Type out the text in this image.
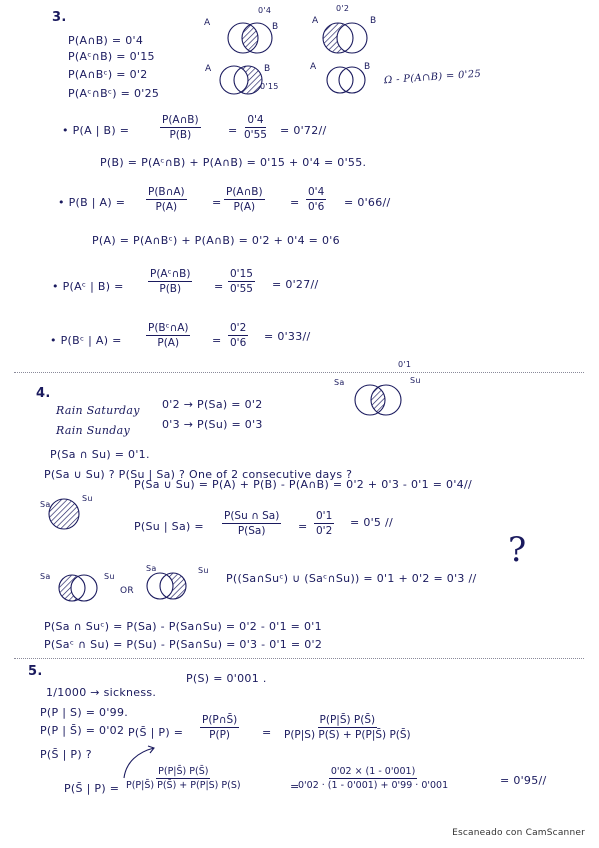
3.
P(A∩B) = 0'4
P(Aᶜ∩B) = 0'15
P(A∩Bᶜ) = 0'2
P(Aᶜ∩Bᶜ) = 0'25
A	B
0'4
A	B
0'2
A	B
0'15
A	B
Ω - P(A∩B) = 0'25
• P(A | B) =	$\frac{P(A\cap B)}{P(B)} = \frac{0'4}{0'55} = 0'72//$
P(B) = P(Aᶜ∩B) + P(A∩B) = 0'15 + 0'4 = 0'55.
• P(B | $A) = \frac{P(B\cap A)}{P(A)} = \frac{P(A\cap B)}{P(A)} = \frac{0'4}{0'6} = 0'66//$
P(A) = P(A∩Bᶜ) + P(A∩B) = 0'2 + 0'4 = 0'6
• P(Aᶜ | $B) = \frac{\text{P(Aᶜ∩B)}}{P(B)} = \frac{0'15}{0'55} = 0'27//$
• P(Bᶜ | $A) = \frac{\text{P(Bᶜ∩A)}}{P(A)} = \frac{0'2}{0'6} = 0'33//$
4.
Rain Saturday 0'2 → P(Sa) = 0'2
Rain Sunday	0'3 → P(Su) = 0'3
Sa	Su
0'1
P(Sa ∩ Su) = 0'1.
P(Sa ∪ Su) ? P(Su | Sa) ? One of 2 consecutive days ?
Sa
Su
P(Sa ∪ Su) = P(A) + P(B) - P(A∩B) = 0'2 + 0'3 - 0'1 = 0'4//
P(Su | $Sa) = \frac{P(Su \cap Sa)}{P(Sa)} = \frac{0'1}{0'2} = 0'5$ //
Sa	Su
OR
Sa	Su
P((Sa∩Suᶜ) ∪ (Saᶜ∩Su)) = 0'1 + 0'2 = 0'3 //
?
P(Sa ∩ Suᶜ) = P(Sa) - P(Sa∩Su) = 0'2 - 0'1 = 0'1
P(Saᶜ ∩ Su) = P(Su) - P(Sa∩Su) = 0'3 - 0'1 = 0'2
5.
1/1000 → sickness.
P(S) = 0'001 .
P(P | S) = 0'99.
P(P | S̄) = 0'02
P(S̄ | P) ?
P(S̄ | $P) = \frac{P(P\cap S̄)}{P(P)} = \frac{P(P|S̄) P(S̄)}{P(P|S) P(S) + P(P|S̄) P(S̄)}$
P(S̄ | $P) = \frac{P(P|S̄) P(S̄)}{P(P|S̄) P(S̄) + P(P|S) P(S)}$	=
$\frac{0'02 \times (1 - 0'001)}{0'02 \cdot (1 - 0'001) + 0'99 \cdot 0'001}$	= 0'95//
Escaneado con CamScanner
